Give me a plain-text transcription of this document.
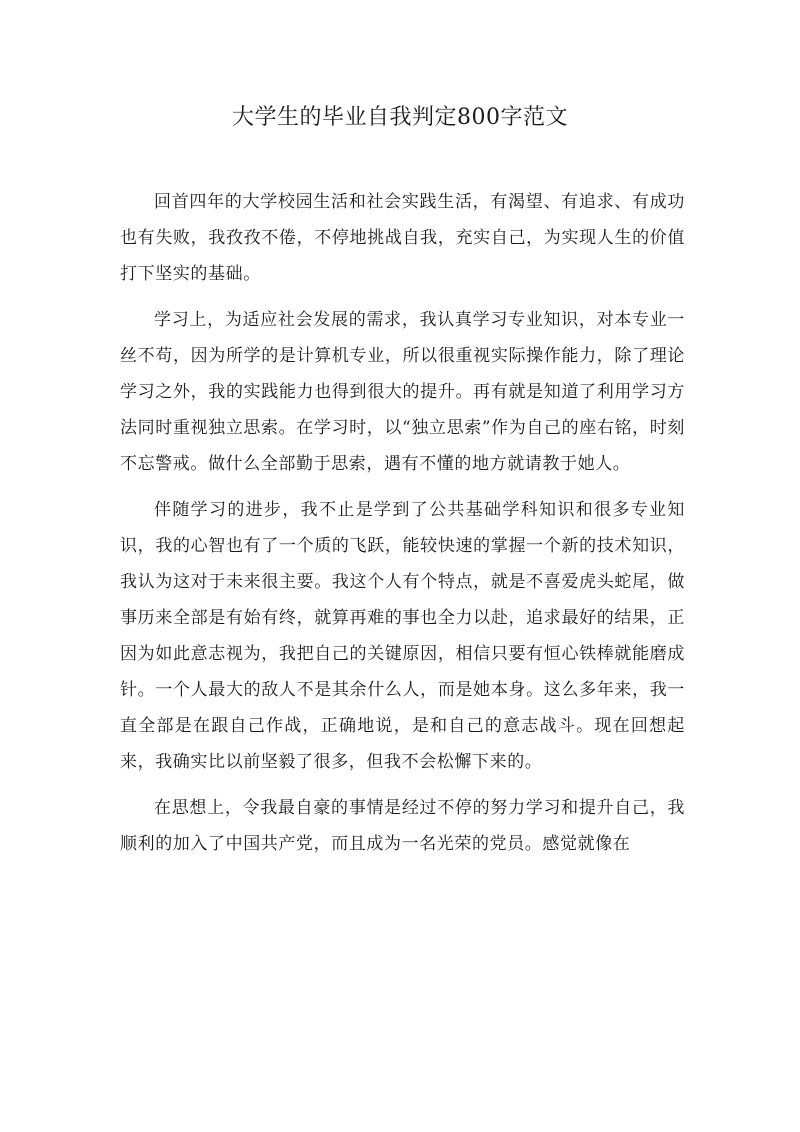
大学生的毕业自我判定800字范文

回首四年的大学校园生活和社会实践生活，有渴望、有追求、有成功也有失败，我孜孜不倦，不停地挑战自我，充实自己，为实现人生的价值打下坚实的基础。

学习上，为适应社会发展的需求，我认真学习专业知识，对本专业一丝不苟，因为所学的是计算机专业，所以很重视实际操作能力，除了理论学习之外，我的实践能力也得到很大的提升。再有就是知道了利用学习方法同时重视独立思索。在学习时，以“独立思索”作为自己的座右铭，时刻不忘警戒。做什么全部勤于思索，遇有不懂的地方就请教于她人。

伴随学习的进步，我不止是学到了公共基础学科知识和很多专业知识，我的心智也有了一个质的飞跃，能较快速的掌握一个新的技术知识，我认为这对于未来很主要。我这个人有个特点，就是不喜爱虎头蛇尾，做事历来全部是有始有终，就算再难的事也全力以赴，追求最好的结果，正因为如此意志视为，我把自己的关键原因，相信只要有恒心铁棒就能磨成针。一个人最大的敌人不是其余什么人，而是她本身。这么多年来，我一直全部是在跟自己作战，正确地说，是和自己的意志战斗。现在回想起来，我确实比以前坚毅了很多，但我不会松懈下来的。

在思想上，令我最自豪的事情是经过不停的努力学习和提升自己，我顺利的加入了中国共产党，而且成为一名光荣的党员。感觉就像在
